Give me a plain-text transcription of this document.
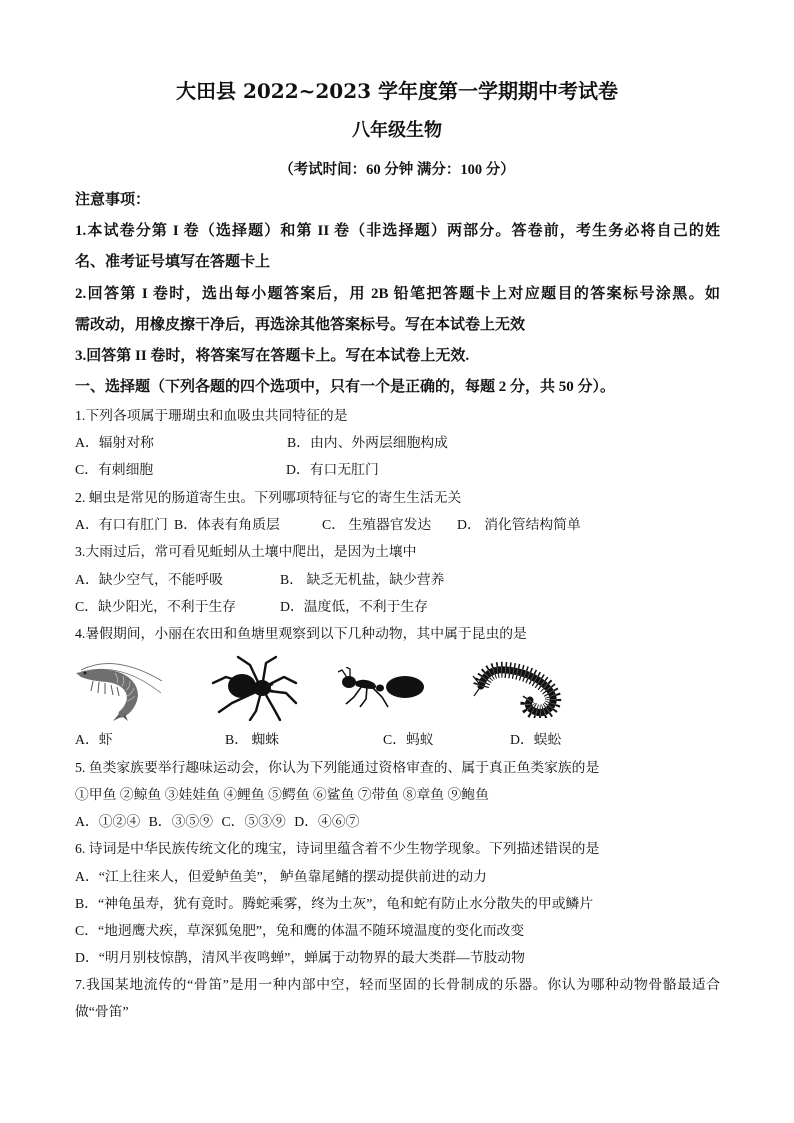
大田县 2022~2023 学年度第一学期期中考试卷
八年级生物
（考试时间：60 分钟 满分：100 分）
注意事项：
1.本试卷分第 I 卷（选择题）和第 II 卷（非选择题）两部分。答卷前，考生务必将自己的姓
名、准考证号填写在答题卡上
2.回答第 I 卷时，选出每小题答案后，用 2B 铅笔把答题卡上对应题目的答案标号涂黑。如
需改动，用橡皮擦干净后，再选涂其他答案标号。写在本试卷上无效
3.回答第 II 卷时，将答案写在答题卡上。写在本试卷上无效.
一、选择题（下列各题的四个选项中，只有一个是正确的，每题 2 分，共 50 分）。
1.下列各项属于珊瑚虫和血吸虫共同特征的是
A．辐射对称	B．由内、外两层细胞构成
C．有刺细胞	D．有口无肛门
2. 蛔虫是常见的肠道寄生虫。下列哪项特征与它的寄生生活无关
A．有口有肛门 B．体表有角质层	C． 生殖器官发达 D． 消化管结构简单
3.大雨过后，常可看见蚯蚓从土壤中爬出，是因为土壤中
A．缺少空气，不能呼吸	B． 缺乏无机盐，缺少营养
C．缺少阳光，不利于生存	D．温度低，不利于生存
4.暑假期间，小丽在农田和鱼塘里观察到以下几种动物，其中属于昆虫的是
A．虾	B． 蜘蛛	C．蚂蚁	D．蜈蚣
5. 鱼类家族要举行趣味运动会，你认为下列能通过资格审查的、属于真正鱼类家族的是
①甲鱼 ②鲸鱼 ③娃娃鱼 ④鲤鱼 ⑤鳄鱼 ⑥鲨鱼 ⑦带鱼 ⑧章鱼 ⑨鲍鱼
A．①②④ B．③⑤⑨ C．⑤③⑨ D．④⑥⑦
6. 诗词是中华民族传统文化的瑰宝，诗词里蕴含着不少生物学现象。下列描述错误的是
A．“江上往来人，但爱鲈鱼美”， 鲈鱼靠尾鳍的摆动提供前进的动力
B．“神龟虽寿，犹有竟时。腾蛇乘雾，终为土灰”，龟和蛇有防止水分散失的甲或鳞片
C．“地迥鹰犬疾，草深狐兔肥”，兔和鹰的体温不随环境温度的变化而改变
D．“明月别枝惊鹊，清风半夜鸣蝉”，蝉属于动物界的最大类群—节肢动物
7.我国某地流传的“骨笛”是用一种内部中空，轻而坚固的长骨制成的乐器。你认为哪种动物骨骼最适合
做“骨笛”
